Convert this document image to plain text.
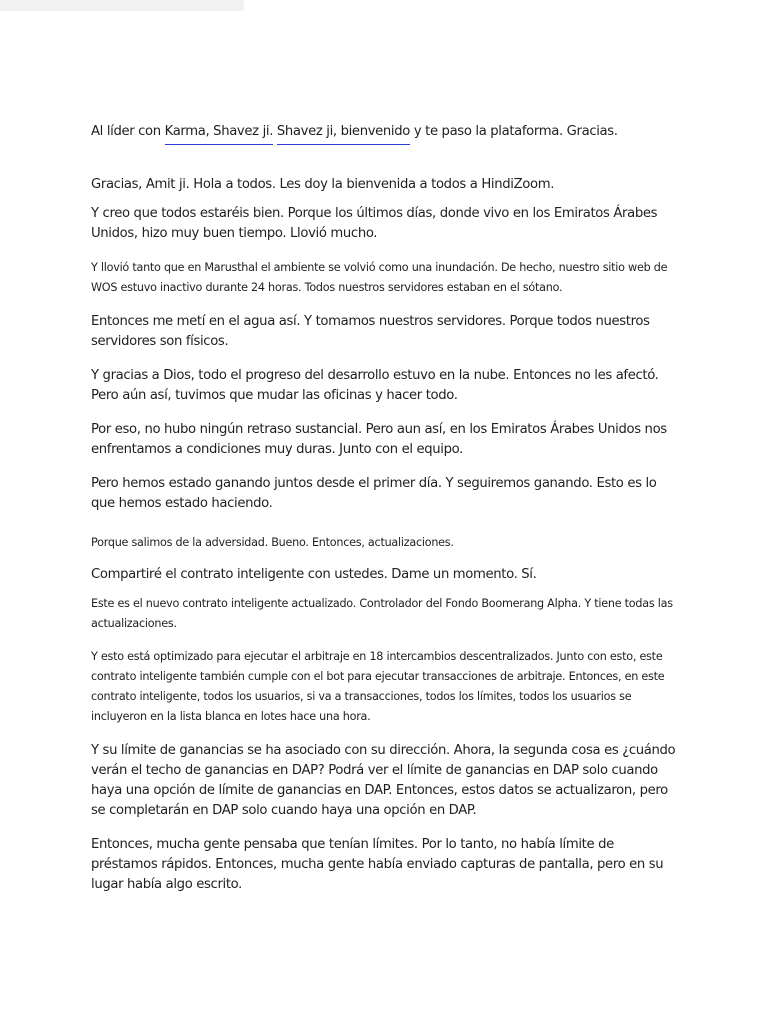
Al líder con Karma, Shavez ji. Shavez ji, bienvenido y te paso la plataforma. Gracias.

Gracias, Amit ji. Hola a todos. Les doy la bienvenida a todos a HindiZoom.

Y creo que todos estaréis bien. Porque los últimos días, donde vivo en los Emiratos Árabes Unidos, hizo muy buen tiempo. Llovió mucho.

Y llovió tanto que en Marusthal el ambiente se volvió como una inundación. De hecho, nuestro sitio web de WOS estuvo inactivo durante 24 horas. Todos nuestros servidores estaban en el sótano.

Entonces me metí en el agua así. Y tomamos nuestros servidores. Porque todos nuestros servidores son físicos.

Y gracias a Dios, todo el progreso del desarrollo estuvo en la nube. Entonces no les afectó. Pero aún así, tuvimos que mudar las oficinas y hacer todo.

Por eso, no hubo ningún retraso sustancial. Pero aun así, en los Emiratos Árabes Unidos nos enfrentamos a condiciones muy duras. Junto con el equipo.

Pero hemos estado ganando juntos desde el primer día. Y seguiremos ganando. Esto es lo que hemos estado haciendo.

Porque salimos de la adversidad. Bueno. Entonces, actualizaciones.

Compartiré el contrato inteligente con ustedes. Dame un momento. Sí.

Este es el nuevo contrato inteligente actualizado. Controlador del Fondo Boomerang Alpha. Y tiene todas las actualizaciones.

Y esto está optimizado para ejecutar el arbitraje en 18 intercambios descentralizados. Junto con esto, este contrato inteligente también cumple con el bot para ejecutar transacciones de arbitraje. Entonces, en este contrato inteligente, todos los usuarios, si va a transacciones, todos los límites, todos los usuarios se incluyeron en la lista blanca en lotes hace una hora.

Y su límite de ganancias se ha asociado con su dirección. Ahora, la segunda cosa es ¿cuándo verán el techo de ganancias en DAP? Podrá ver el límite de ganancias en DAP solo cuando haya una opción de límite de ganancias en DAP. Entonces, estos datos se actualizaron, pero se completarán en DAP solo cuando haya una opción en DAP.

Entonces, mucha gente pensaba que tenían límites. Por lo tanto, no había límite de préstamos rápidos. Entonces, mucha gente había enviado capturas de pantalla, pero en su lugar había algo escrito.
